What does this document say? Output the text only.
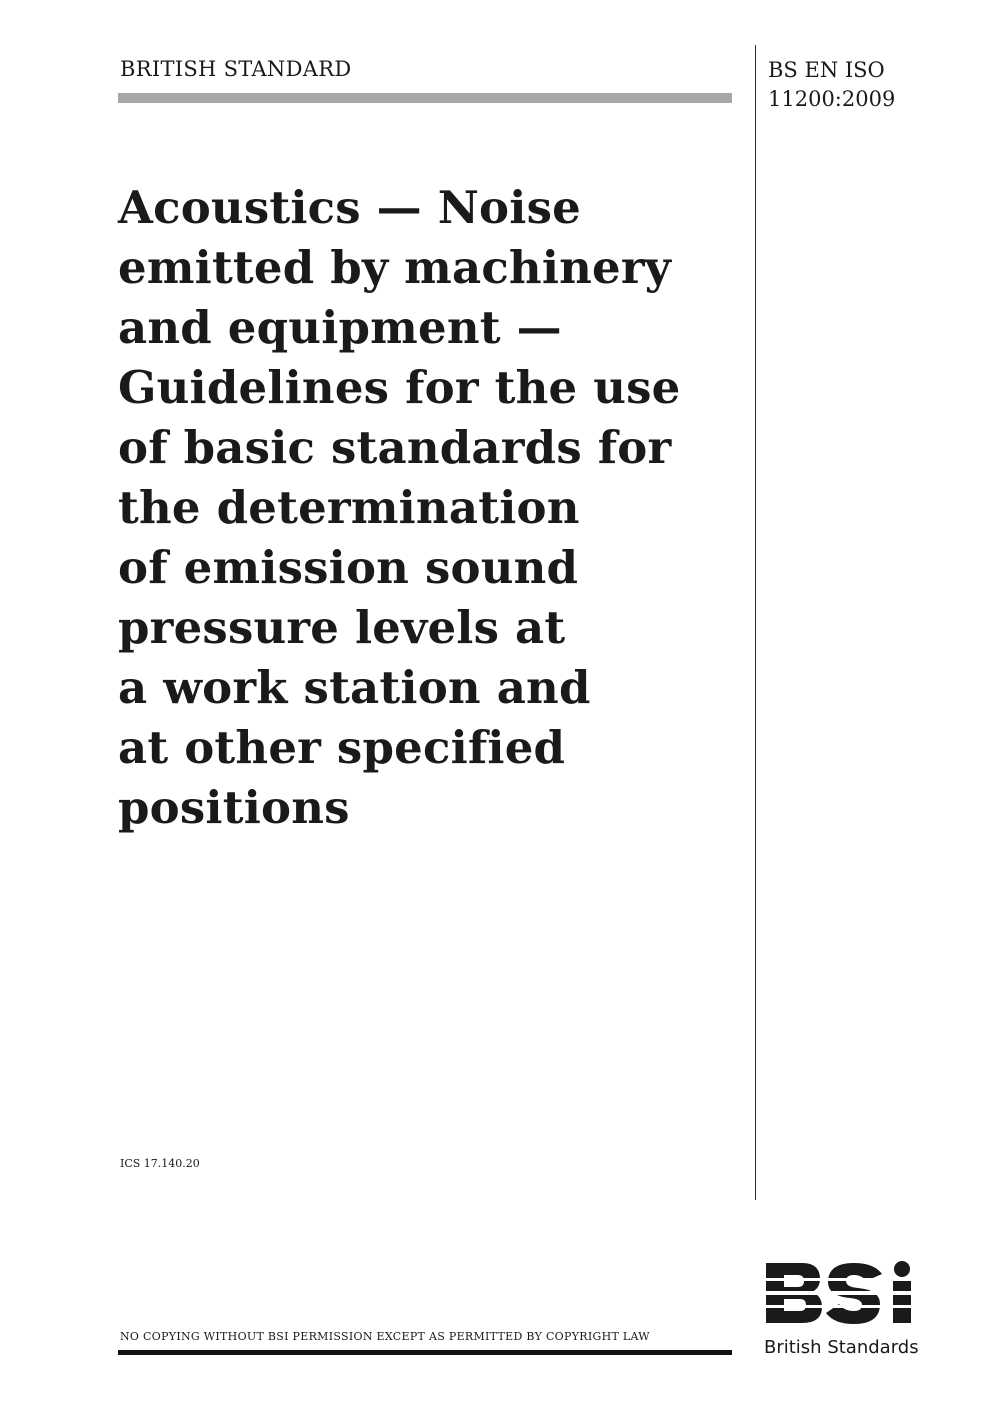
BRITISH STANDARD	BS EN ISO
11200:2009
Acoustics — Noise
emitted by machinery
and equipment —
Guidelines for the use
of basic standards for
the determination
of emission sound
pressure levels at
a work station and
at other specified
positions
ICS 17.140.20
NO COPYING WITHOUT BSI PERMISSION EXCEPT AS PERMITTED BY COPYRIGHT LAW
British Standards
